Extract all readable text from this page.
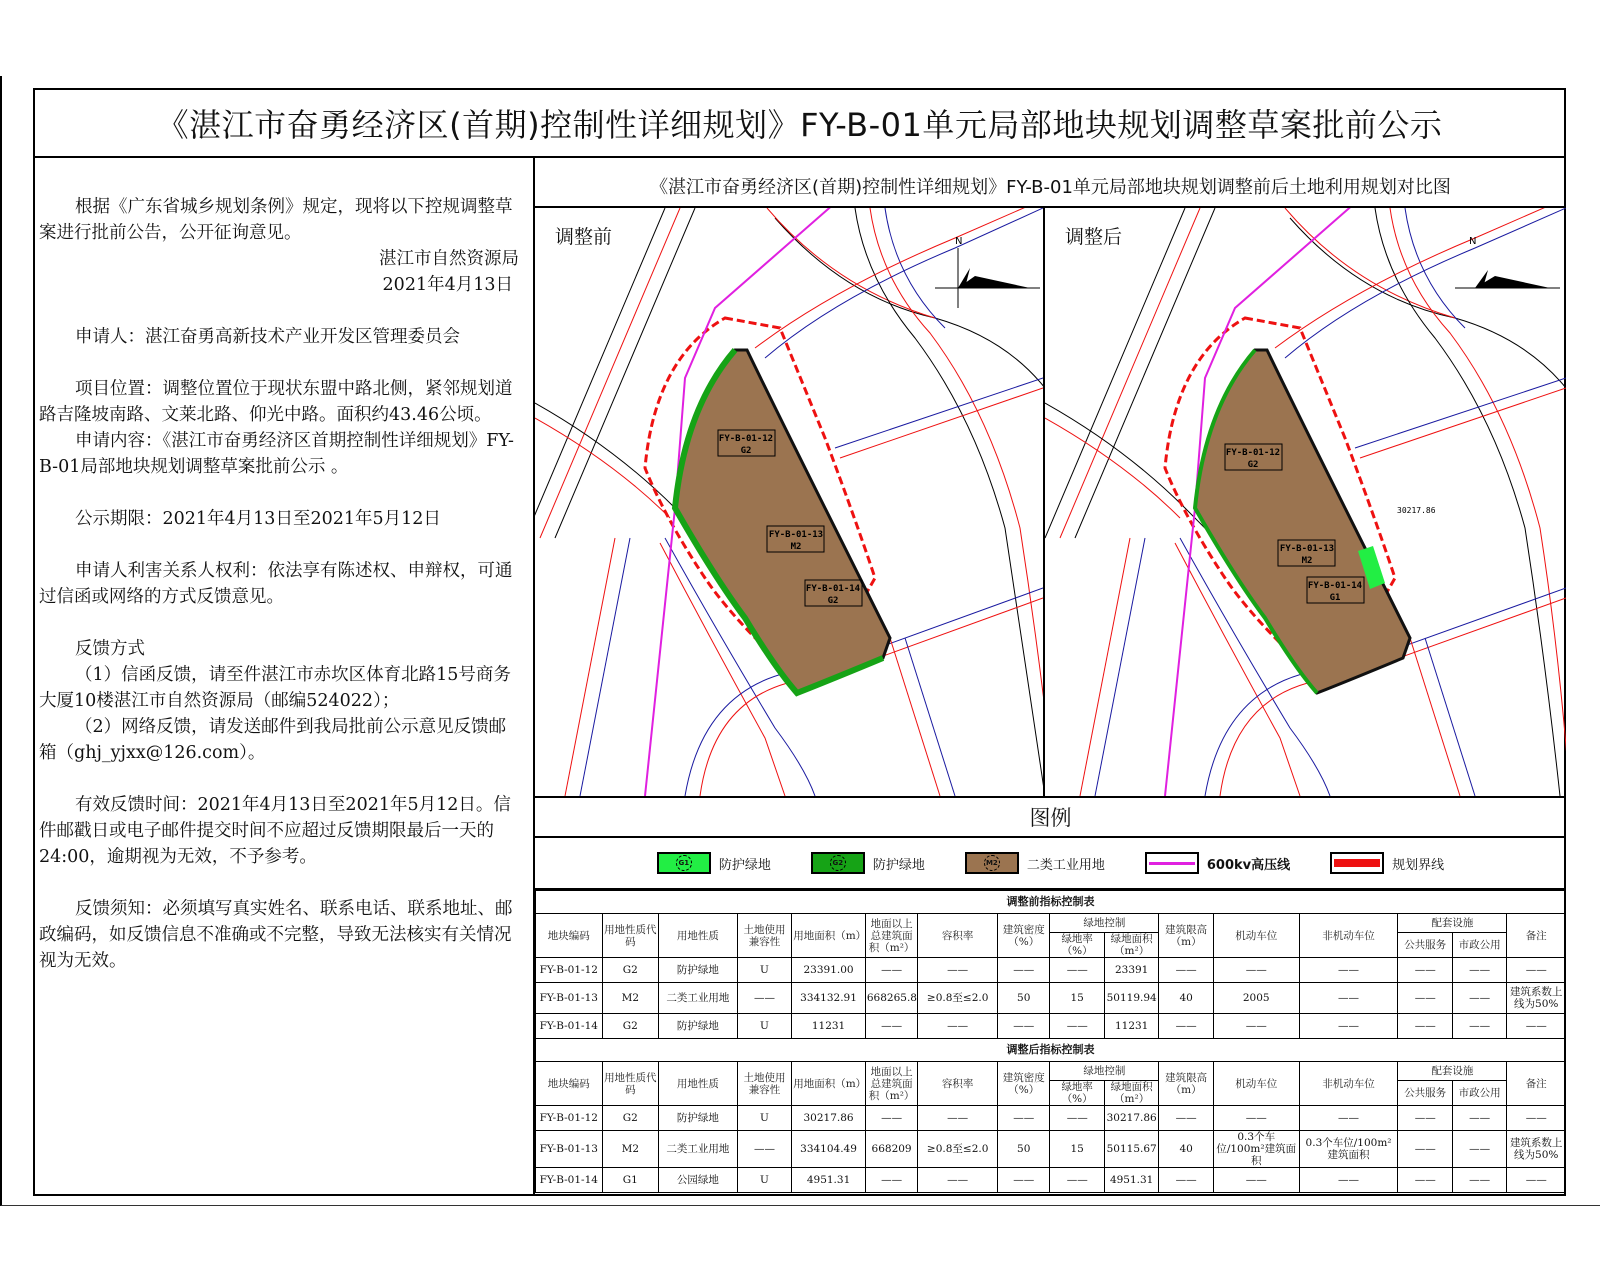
《湛江市奋勇经济区(首期)控制性详细规划》FY-B-01单元局部地块规划调整草案批前公示

根据《广东省城乡规划条例》规定，现将以下控规调整草案进行批前公告，公开征询意见。

湛江市自然资源局

2021年4月13日

申请人：湛江奋勇高新技术产业开发区管理委员会

项目位置：调整位置位于现状东盟中路北侧，紧邻规划道路吉隆坡南路、文莱北路、仰光中路。面积约43.46公顷。

申请内容：《湛江市奋勇经济区首期控制性详细规划》FY-B-01局部地块规划调整草案批前公示 。

公示期限：2021年4月13日至2021年5月12日

申请人利害关系人权利：依法享有陈述权、申辩权，可通过信函或网络的方式反馈意见。

反馈方式

（1）信函反馈，请至件湛江市赤坎区体育北路15号商务大厦10楼湛江市自然资源局（邮编524022）；

（2）网络反馈，请发送邮件到我局批前公示意见反馈邮箱（ghj_yjxx@126.com）。

有效反馈时间：2021年4月13日至2021年5月12日。信件邮戳日或电子邮件提交时间不应超过反馈期限最后一天的24:00，逾期视为无效，不予参考。

反馈须知：必须填写真实姓名、联系电话、联系地址、邮政编码，如反馈信息不准确或不完整，导致无法核实有关情况视为无效。

《湛江市奋勇经济区(首期)控制性详细规划》FY-B-01单元局部地块规划调整前后土地利用规划对比图
FY-B-01-12
G2
FY-B-01-13
M2
FY-B-01-14
G2
N
调整前
FY-B-01-12
G2
FY-B-01-13
M2
FY-B-01-14
G1
30217.86
N
调整后
图例
G1 防护绿地	G2 防护绿地	M2 二类工业用地	600kv高压线	规划界线
调整前指标控制表															
地块编码	用地性质代码	用地性质	土地使用兼容性	用地面积（m）	地面以上总建筑面积（m²）	容积率	建筑密度（%）	绿地控制		建筑限高（m）	机动车位	非机动车位	配套设施		备注
								绿地率（%）	绿地面积（m²）				公共服务	市政公用	
FY-B-01-12	G2	防护绿地	U	23391.00	——	——	——	——	23391	——	——	——	——	——	——
FY-B-01-13	M2	二类工业用地	——	334132.91	668265.8	≥0.8至≤2.0	50	15	50119.94	40	2005	——	——	——	建筑系数上线为50%
FY-B-01-14	G2	防护绿地	U	11231	——	——	——	——	11231	——	——	——	——	——	——
调整后指标控制表															
地块编码	用地性质代码	用地性质	土地使用兼容性	用地面积（m）	地面以上总建筑面积（m²）	容积率	建筑密度（%）	绿地控制		建筑限高（m）	机动车位	非机动车位	配套设施		备注
								绿地率（%）	绿地面积（m²）				公共服务	市政公用	
FY-B-01-12	G2	防护绿地	U	30217.86	——	——	——	——	30217.86	——	——	——	——	——	——
FY-B-01-13	M2	二类工业用地	——	334104.49	668209	≥0.8至≤2.0	50	15	50115.67	40	0.3个车位/100m²建筑面积	0.3个车位/100m²建筑面积	——	——	建筑系数上线为50%
FY-B-01-14	G1	公园绿地	U	4951.31	——	——	——	——	4951.31	——	——	——	——	——	——
